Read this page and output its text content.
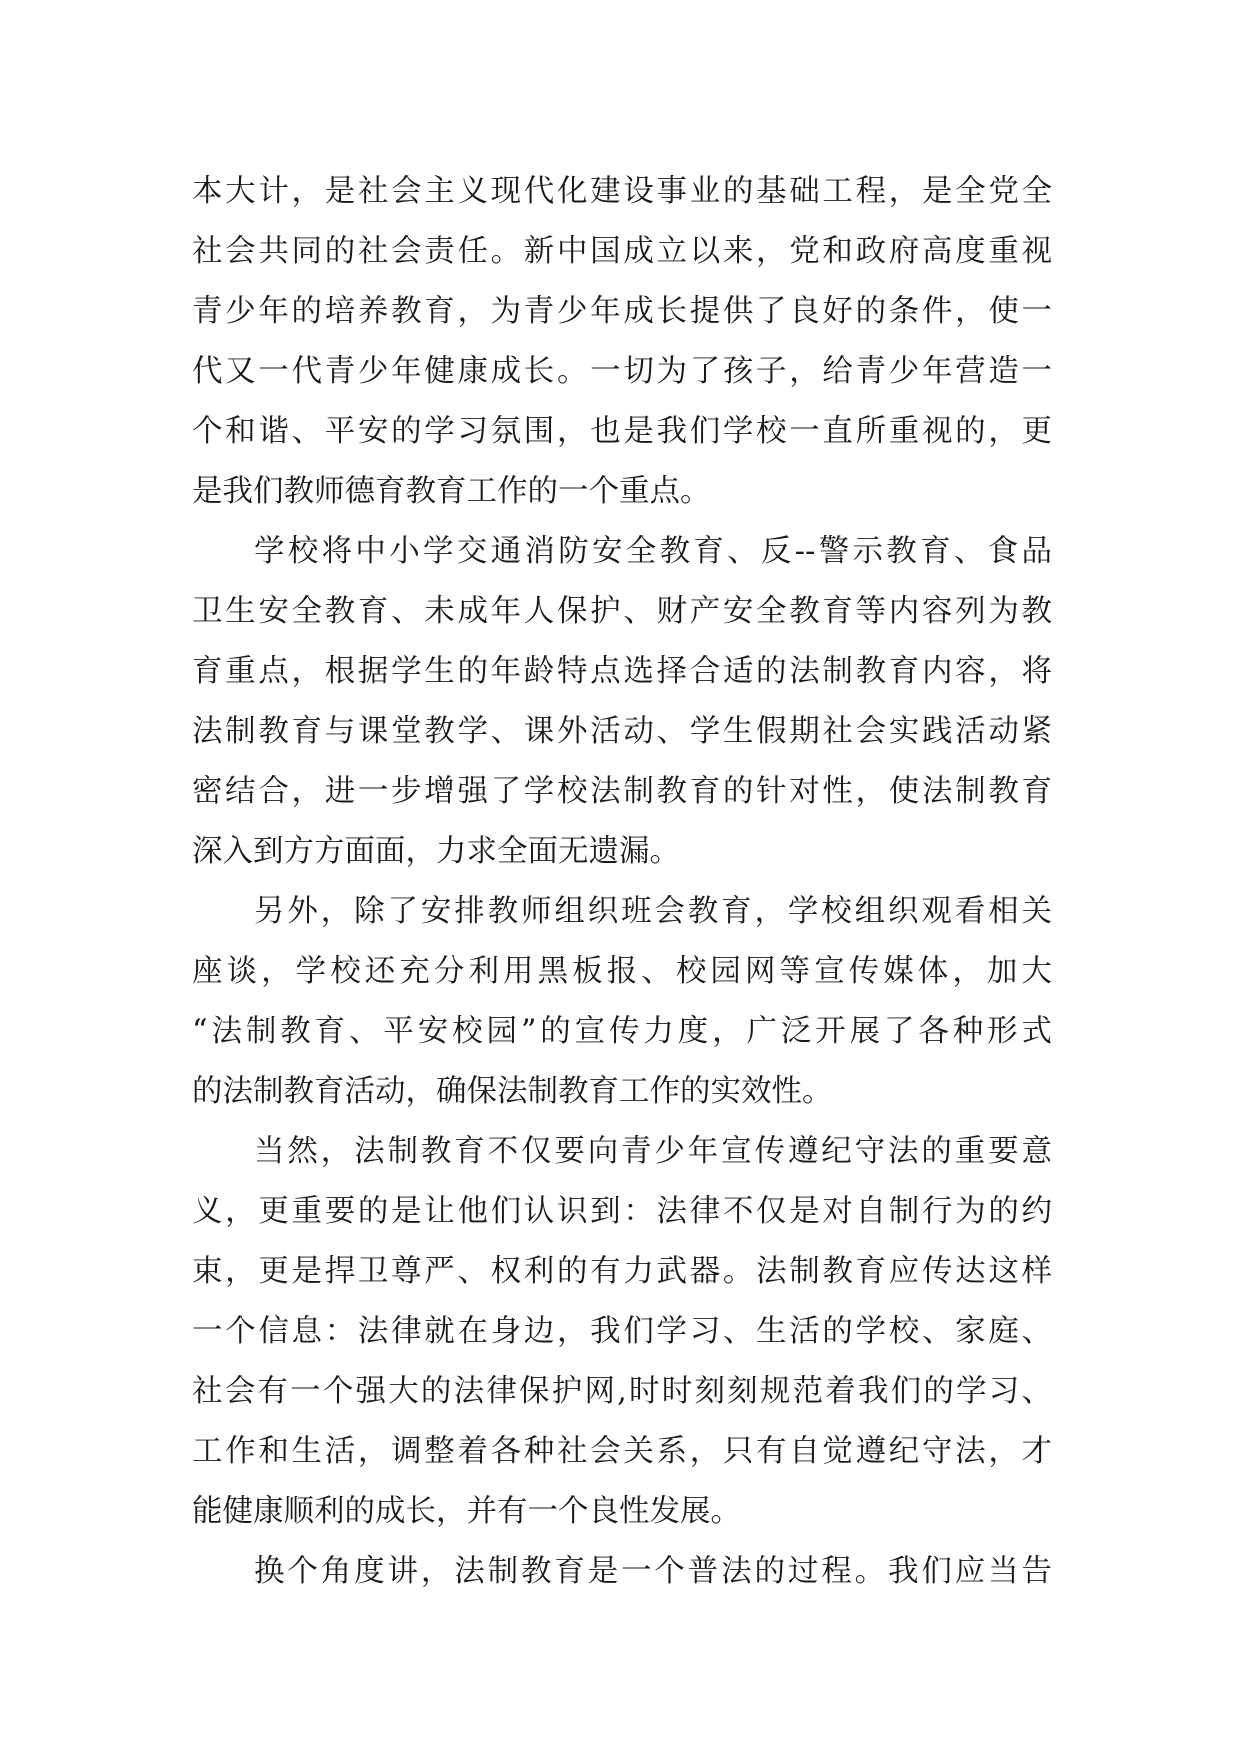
本大计，是社会主义现代化建设事业的基础工程，是全党全
社会共同的社会责任。新中国成立以来，党和政府高度重视
青少年的培养教育，为青少年成长提供了良好的条件，使一
代又一代青少年健康成长。一切为了孩子，给青少年营造一
个和谐、平安的学习氛围，也是我们学校一直所重视的，更
是我们教师德育教育工作的一个重点。

学校将中小学交通消防安全教育、反--警示教育、食品
卫生安全教育、未成年人保护、财产安全教育等内容列为教
育重点，根据学生的年龄特点选择合适的法制教育内容，将
法制教育与课堂教学、课外活动、学生假期社会实践活动紧
密结合，进一步增强了学校法制教育的针对性，使法制教育
深入到方方面面，力求全面无遗漏。

另外，除了安排教师组织班会教育，学校组织观看相关
座谈，学校还充分利用黑板报、校园网等宣传媒体，加大
“法制教育、平安校园”的宣传力度，广泛开展了各种形式
的法制教育活动，确保法制教育工作的实效性。

当然，法制教育不仅要向青少年宣传遵纪守法的重要意
义，更重要的是让他们认识到：法律不仅是对自制行为的约
束，更是捍卫尊严、权利的有力武器。法制教育应传达这样
一个信息：法律就在身边，我们学习、生活的学校、家庭、
社会有一个强大的法律保护网,时时刻刻规范着我们的学习、
工作和生活，调整着各种社会关系，只有自觉遵纪守法，才
能健康顺利的成长，并有一个良性发展。

换个角度讲，法制教育是一个普法的过程。我们应当告
